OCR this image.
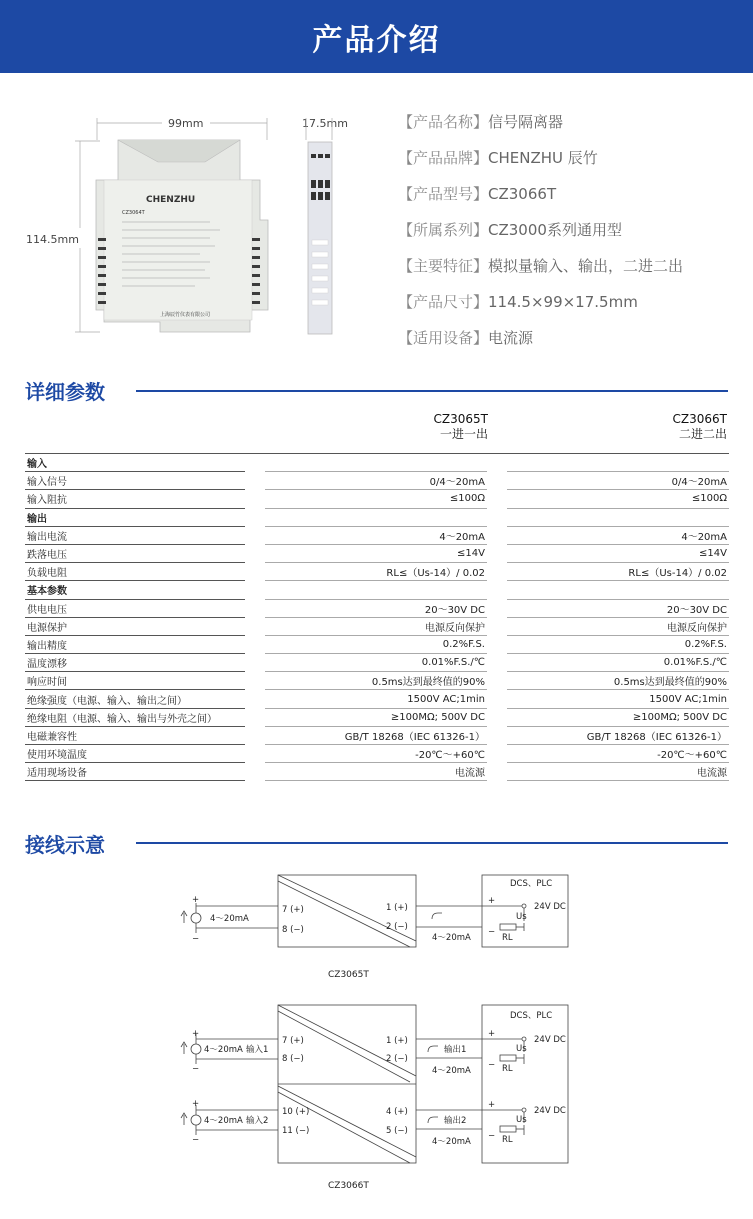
产品介绍
99mm	17.5mm
114.5mm
CHENZHU
CZ3064T
上海辰竹仪表有限公司
【产品名称】信号隔离器
【产品品牌】CHENZHU 辰竹
【产品型号】CZ3066T
【所属系列】CZ3000系列通用型
【主要特征】模拟量输入、输出，二进二出
【产品尺寸】114.5×99×17.5mm
【适用设备】电流源
详细参数
CZ3065T
一进一出
CZ3066T
二进二出
输入				
输入信号		0/4～20mA		0/4～20mA
输入阻抗		≤100Ω		≤100Ω
输出				
输出电流		4～20mA		4～20mA
跌落电压		≤14V		≤14V
负载电阻		RL≤（Us-14）/ 0.02		RL≤（Us-14）/ 0.02
基本参数				
供电电压		20～30V DC		20～30V DC
电源保护		电源反向保护		电源反向保护
输出精度		0.2%F.S.		0.2%F.S.
温度漂移		0.01%F.S./℃		0.01%F.S./℃
响应时间		0.5ms达到最终值的90%		0.5ms达到最终值的90%
绝缘强度（电源、输入、输出之间）		1500V AC;1min		1500V AC;1min
绝缘电阻（电源、输入、输出与外壳之间）		≥100MΩ; 500V DC		≥100MΩ; 500V DC
电磁兼容性		GB/T 18268（IEC 61326-1）		GB/T 18268（IEC 61326-1）
使用环境温度		-20℃～+60℃		-20℃～+60℃
适用现场设备		电流源		电流源
接线示意
+
−
4～20mA
7 (+)
8 (−)
1 (+)
2 (−)
4～20mA
DCS、PLC
+
−
24V DC
Us
RL
CZ3065T
+
−
4～20mA 输入1
7 (+)
8 (−)
1 (+)
2 (−)
输出1
4～20mA
+
−
4～20mA 输入2
10 (+)
11 (−)
4 (+)
5 (−)
输出2
4～20mA
DCS、PLC
+
−
24V DC
Us
RL
+
−
24V DC
Us
RL
CZ3066T
